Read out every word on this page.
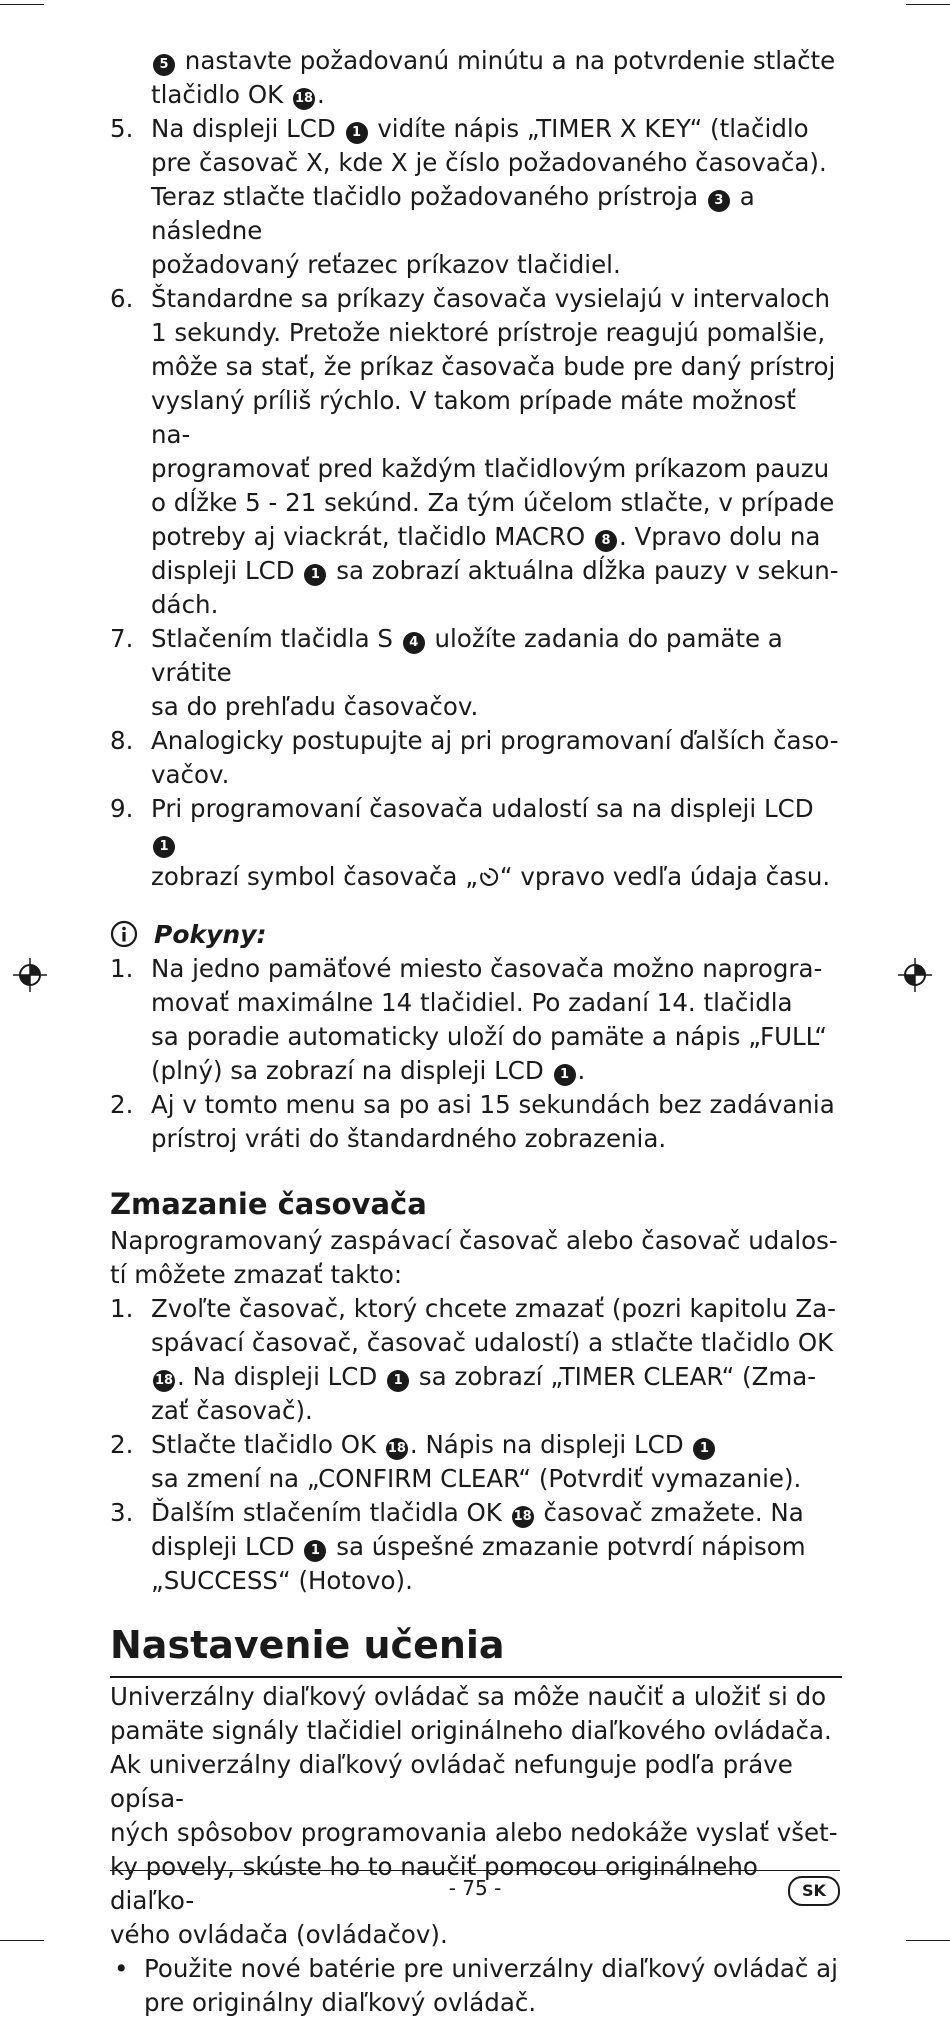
5 nastavte požadovanú minútu a na potvrdenie stlačte tlačidlo OK 18 .
5. Na displeji LCD 1 vidíte nápis „TIMER X KEY“ (tlačidlo
pre časovač X, kde X je číslo požadovaného časovača).
Teraz stlačte tlačidlo požadovaného prístroja 3 a následne
požadovaný reťazec príkazov tlačidiel.
6. Štandardne sa príkazy časovača vysielajú v intervaloch
1 sekundy. Pretože niektoré prístroje reagujú pomalšie,
môže sa stať, že príkaz časovača bude pre daný prístroj
vyslaný príliš rýchlo. V takom prípade máte možnosť na-
programovať pred každým tlačidlovým príkazom pauzu
o dĺžke 5 - 21 sekúnd. Za tým účelom stlačte, v prípade
potreby aj viackrát, tlačidlo MACRO 8 . Vpravo dolu na
displeji LCD 1 sa zobrazí aktuálna dĺžka pauzy v sekun-
dách.
7. Stlačením tlačidla S 4 uložíte zadania do pamäte a vrátite
sa do prehľadu časovačov.
8. Analogicky postupujte aj pri programovaní ďalších časo-
vačov.
9. Pri programovaní časovača udalostí sa na displeji LCD 1
zobrazí symbol časovača „ “ vpravo vedľa údaja času.
Pokyny:
1. Na jedno pamäťové miesto časovača možno naprogra-
movať maximálne 14 tlačidiel. Po zadaní 14. tlačidla
sa poradie automaticky uloží do pamäte a nápis „FULL“
(plný) sa zobrazí na displeji LCD 1 .
2. Aj v tomto menu sa po asi 15 sekundách bez zadávania
prístroj vráti do štandardného zobrazenia.
Zmazanie časovača
Naprogramovaný zaspávací časovač alebo časovač udalos-
tí môžete zmazať takto:
1. Zvoľte časovač, ktorý chcete zmazať (pozri kapitolu Za-
spávací časovač, časovač udalostí) a stlačte tlačidlo OK
18 . Na displeji LCD 1 sa zobrazí „TIMER CLEAR“ (Zma-
zať časovač).
2. Stlačte tlačidlo OK 18 . Nápis na displeji LCD 1
sa zmení na „CONFIRM CLEAR“ (Potvrdiť vymazanie).
3. Ďalším stlačením tlačidla OK 18 časovač zmažete. Na
displeji LCD 1 sa úspešné zmazanie potvrdí nápisom
„SUCCESS“ (Hotovo).
Nastavenie učenia
Univerzálny diaľkový ovládač sa môže naučiť a uložiť si do
pamäte signály tlačidiel originálneho diaľkového ovládača.
Ak univerzálny diaľkový ovládač nefunguje podľa práve opísa-
ných spôsobov programovania alebo nedokáže vyslať všet-
ky povely, skúste ho to naučiť pomocou originálneho diaľko-
vého ovládača (ovládačov).
• Použite nové batérie pre univerzálny diaľkový ovládač aj
pre originálny diaľkový ovládač.
- 75 -	SK
